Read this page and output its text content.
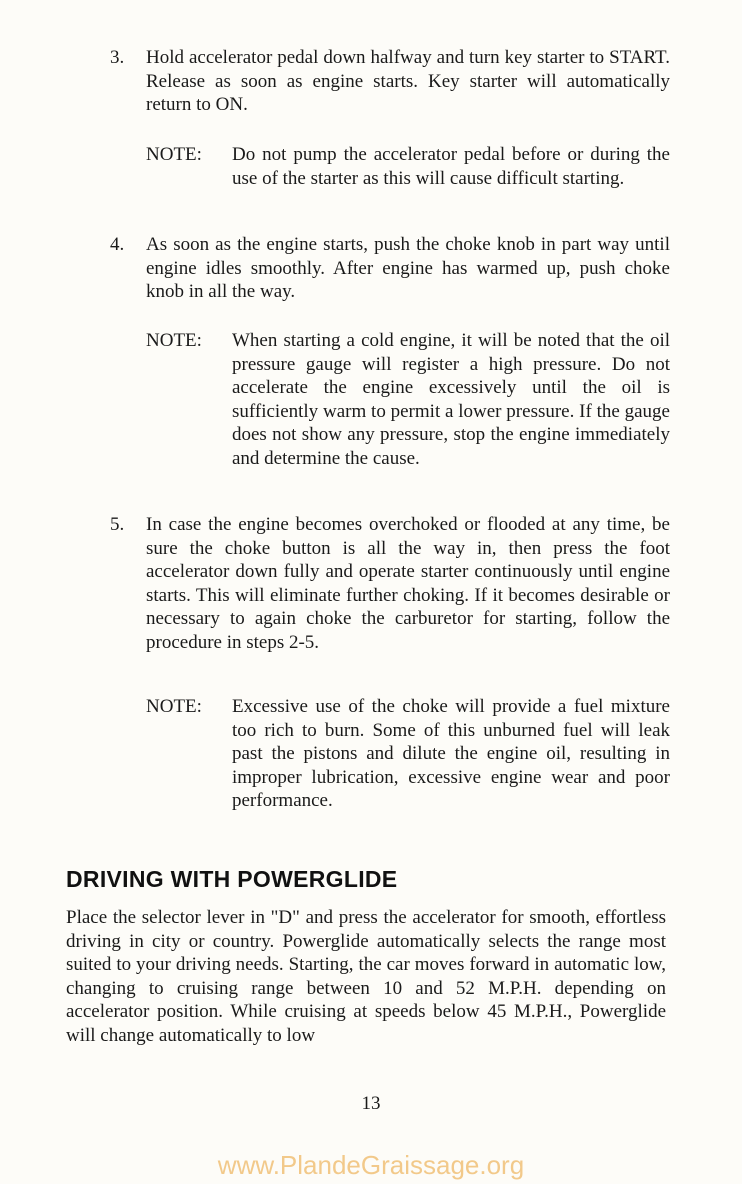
3. Hold accelerator pedal down halfway and turn key starter to START. Release as soon as engine starts. Key starter will automatically return to ON.
NOTE: Do not pump the accelerator pedal before or during the use of the starter as this will cause difficult starting.
4. As soon as the engine starts, push the choke knob in part way until engine idles smoothly. After engine has warmed up, push choke knob in all the way.
NOTE: When starting a cold engine, it will be noted that the oil pressure gauge will register a high pressure. Do not accelerate the engine excessively until the oil is sufficiently warm to permit a lower pressure. If the gauge does not show any pressure, stop the engine immediately and determine the cause.
5. In case the engine becomes overchoked or flooded at any time, be sure the choke button is all the way in, then press the foot accelerator down fully and operate starter continuously until engine starts. This will eliminate further choking. If it becomes desirable or necessary to again choke the carburetor for starting, follow the procedure in steps 2-5.
NOTE: Excessive use of the choke will provide a fuel mixture too rich to burn. Some of this unburned fuel will leak past the pistons and dilute the engine oil, resulting in improper lubrication, excessive engine wear and poor performance.
DRIVING WITH POWERGLIDE
Place the selector lever in "D" and press the accelerator for smooth, effortless driving in city or country. Powerglide automatically selects the range most suited to your driving needs. Starting, the car moves forward in automatic low, changing to cruising range between 10 and 52 M.P.H. depending on accelerator position. While cruising at speeds below 45 M.P.H., Powerglide will change automatically to low
13
www.PlandeGraissage.org
